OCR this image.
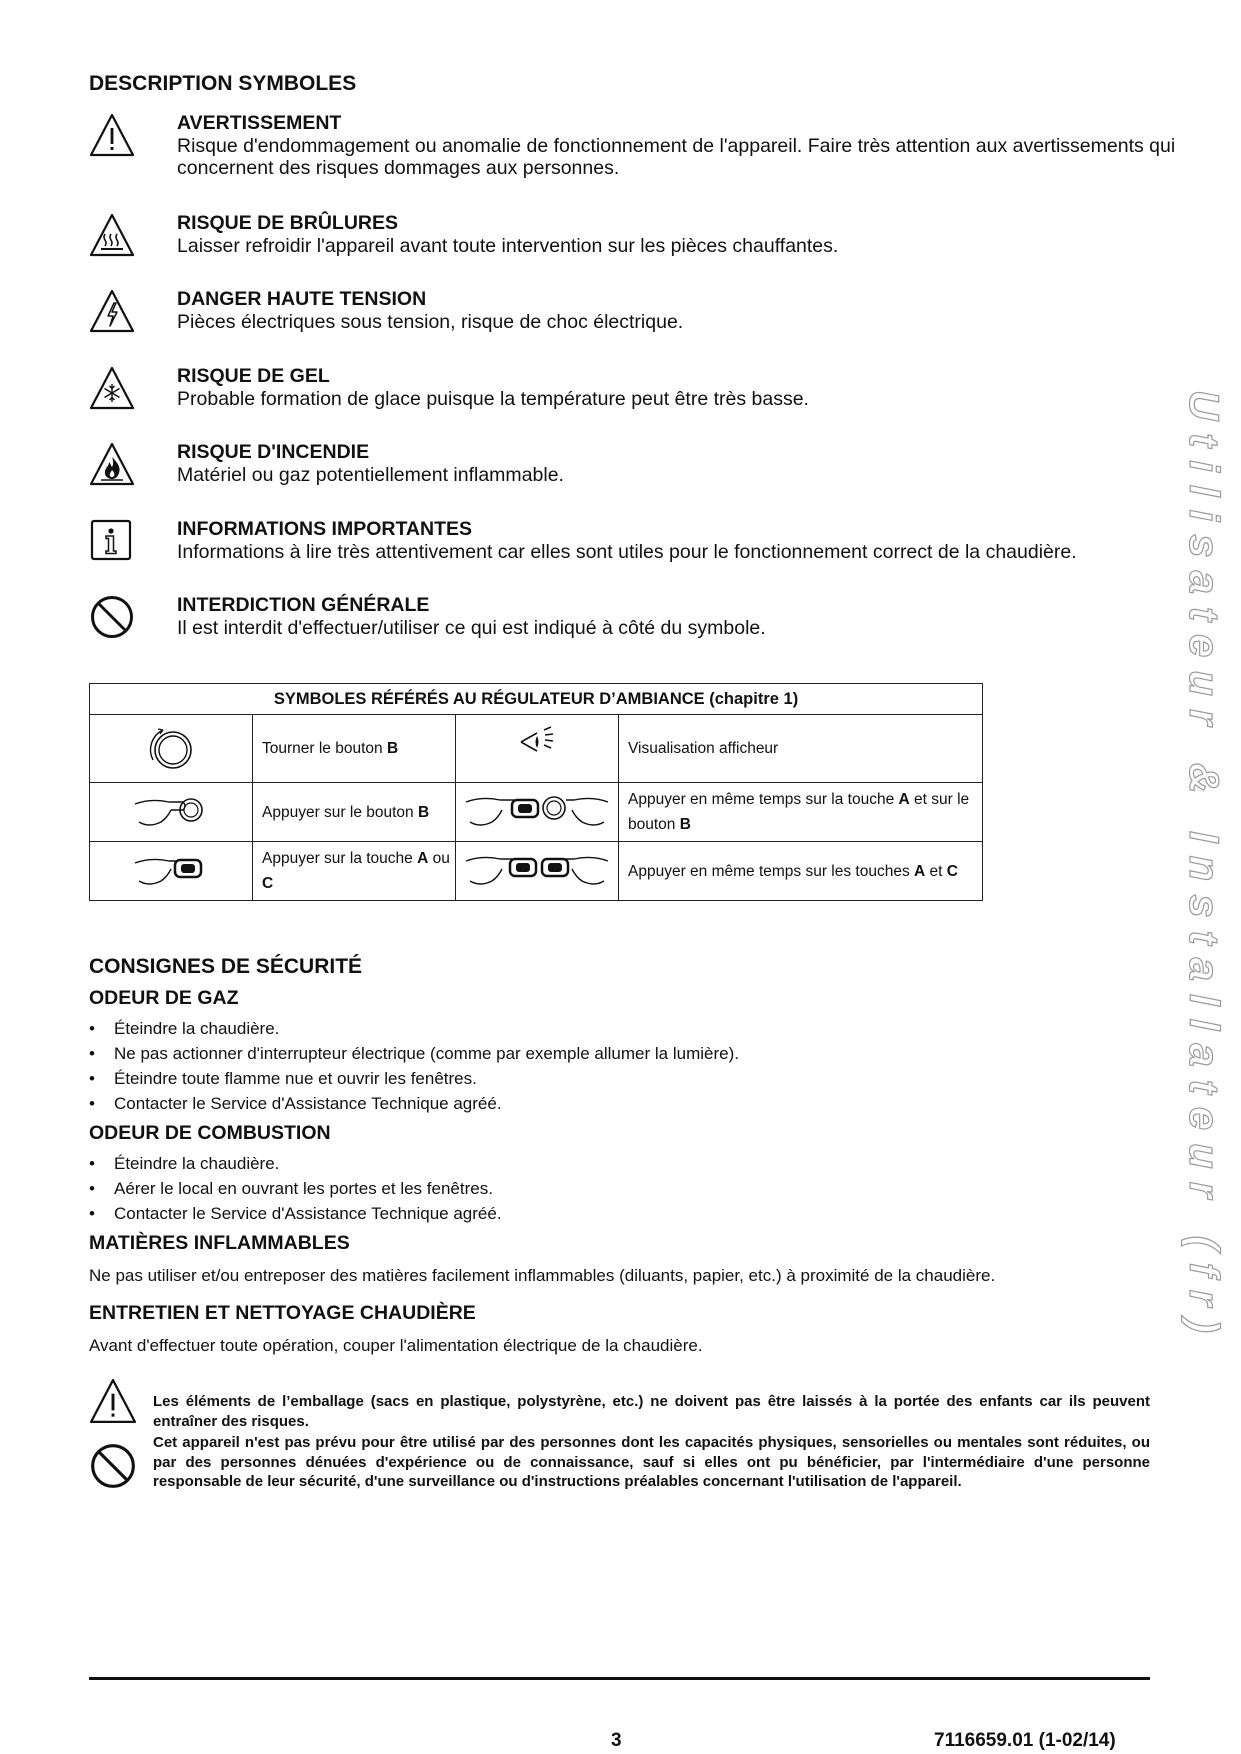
DESCRIPTION SYMBOLES
AVERTISSEMENT
Risque d'endommagement ou anomalie de fonctionnement de l'appareil. Faire très attention aux avertissements qui concernent des risques dommages aux personnes.
RISQUE DE BRÛLURES
Laisser refroidir l'appareil avant toute intervention sur les pièces chauffantes.
DANGER HAUTE TENSION
Pièces électriques sous tension, risque de choc électrique.
RISQUE DE GEL
Probable formation de glace puisque la température peut être très basse.
RISQUE D'INCENDIE
Matériel ou gaz potentiellement inflammable.
INFORMATIONS IMPORTANTES
Informations à lire très attentivement car elles sont utiles pour le fonctionnement correct de la chaudière.
INTERDICTION GÉNÉRALE
Il est interdit d'effectuer/utiliser ce qui est indiqué à côté du symbole.
SYMBOLES RÉFÉRÉS AU RÉGULATEUR D’AMBIANCE (chapitre 1)			

	Tourner le bouton B		Visualisation afficheur

	Appuyer sur le bouton B		Appuyer en même temps sur la touche A et sur le bouton B

	Appuyer sur la touche A ou C		Appuyer en même temps sur les touches A et C
CONSIGNES DE SÉCURITÉ
ODEUR DE GAZ
• Éteindre la chaudière.
• Ne pas actionner d'interrupteur électrique (comme par exemple allumer la lumière).
• Éteindre toute flamme nue et ouvrir les fenêtres.
• Contacter le Service d'Assistance Technique agréé.
ODEUR DE COMBUSTION
• Éteindre la chaudière.
• Aérer le local en ouvrant les portes et les fenêtres.
• Contacter le Service d'Assistance Technique agréé.
MATIÈRES INFLAMMABLES

Ne pas utiliser et/ou entreposer des matières facilement inflammables (diluants, papier, etc.) à proximité de la chaudière.

ENTRETIEN ET NETTOYAGE CHAUDIÈRE

Avant d'effectuer toute opération, couper l'alimentation électrique de la chaudière.

Les éléments de l’emballage (sacs en plastique, polystyrène, etc.) ne doivent pas être laissés à la portée des enfants car ils peuvent entraîner des risques.

Cet appareil n'est pas prévu pour être utilisé par des personnes dont les capacités physiques, sensorielles ou mentales sont réduites, ou par des personnes dénuées d'expérience ou de connaissance, sauf si elles ont pu bénéficier, par l'intermédiaire d'une personne responsable de leur sécurité, d'une surveillance ou d'instructions préalables concernant l'utilisation de l'appareil.

Utilisateur & Installateur (fr)
3	7116659.01 (1-02/14)
